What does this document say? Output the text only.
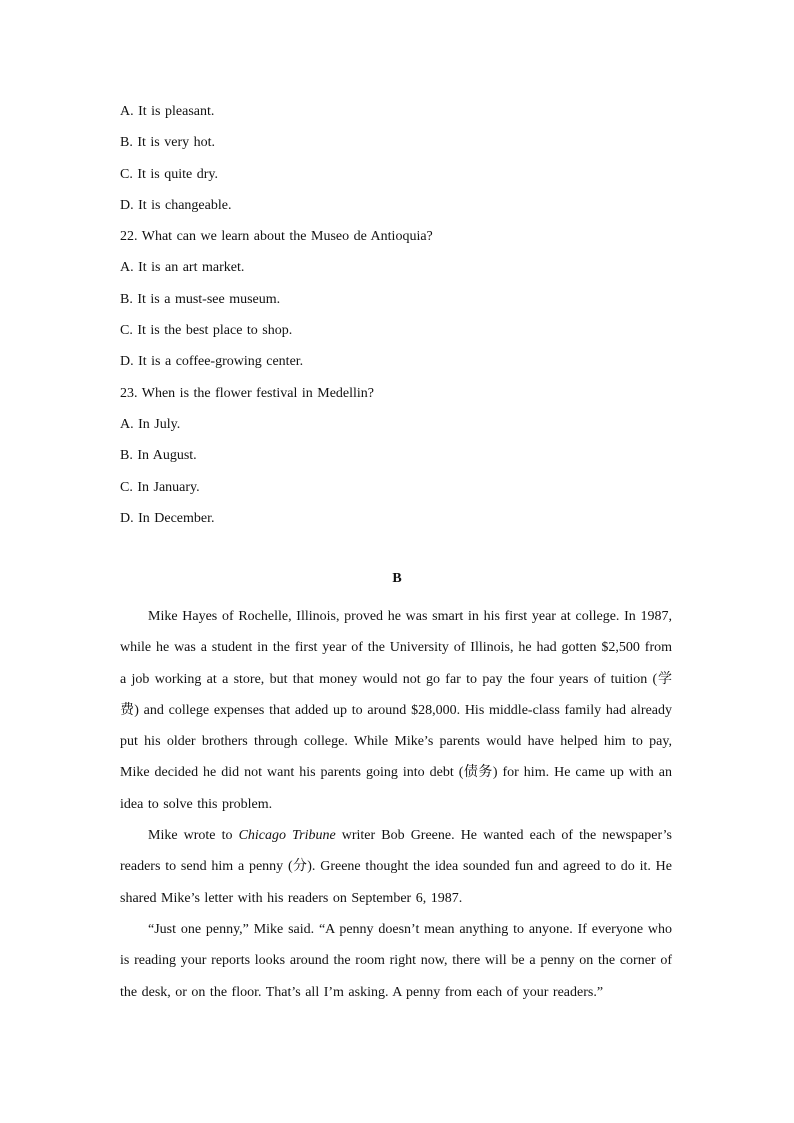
A. It is pleasant.
B. It is very hot.
C. It is quite dry.
D. It is changeable.
22. What can we learn about the Museo de Antioquia?
A. It is an art market.
B. It is a must-see museum.
C. It is the best place to shop.
D. It is a coffee-growing center.
23. When is the flower festival in Medellin?
A. In July.
B. In August.
C. In January.
D. In December.
B

Mike Hayes of Rochelle, Illinois, proved he was smart in his first year at college. In 1987, while he was a student in the first year of the University of Illinois, he had gotten $2,500 from a job working at a store, but that money would not go far to pay the four years of tuition (学费) and college expenses that added up to around $28,000. His middle-class family had already put his older brothers through college. While Mike’s parents would have helped him to pay, Mike decided he did not want his parents going into debt (债务) for him. He came up with an idea to solve this problem.

Mike wrote to Chicago Tribune writer Bob Greene. He wanted each of the newspaper’s readers to send him a penny (分). Greene thought the idea sounded fun and agreed to do it. He shared Mike’s letter with his readers on September 6, 1987.

“Just one penny,” Mike said. “A penny doesn’t mean anything to anyone. If everyone who is reading your reports looks around the room right now, there will be a penny on the corner of the desk, or on the floor. That’s all I’m asking. A penny from each of your readers.”
